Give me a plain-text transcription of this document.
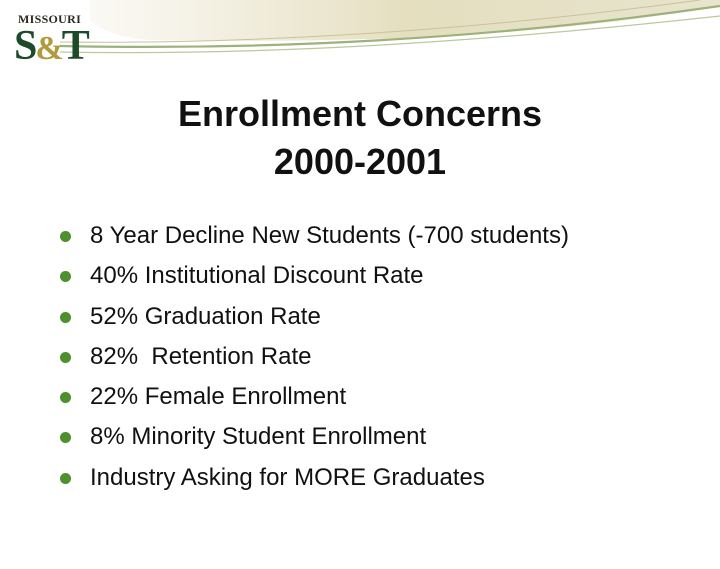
MISSOURI
S&T
Enrollment Concerns
2000-2001
8 Year Decline New Students (-700 students)
40% Institutional Discount Rate
52% Graduation Rate
82%  Retention Rate
22% Female Enrollment
8% Minority Student Enrollment
Industry Asking for MORE Graduates
